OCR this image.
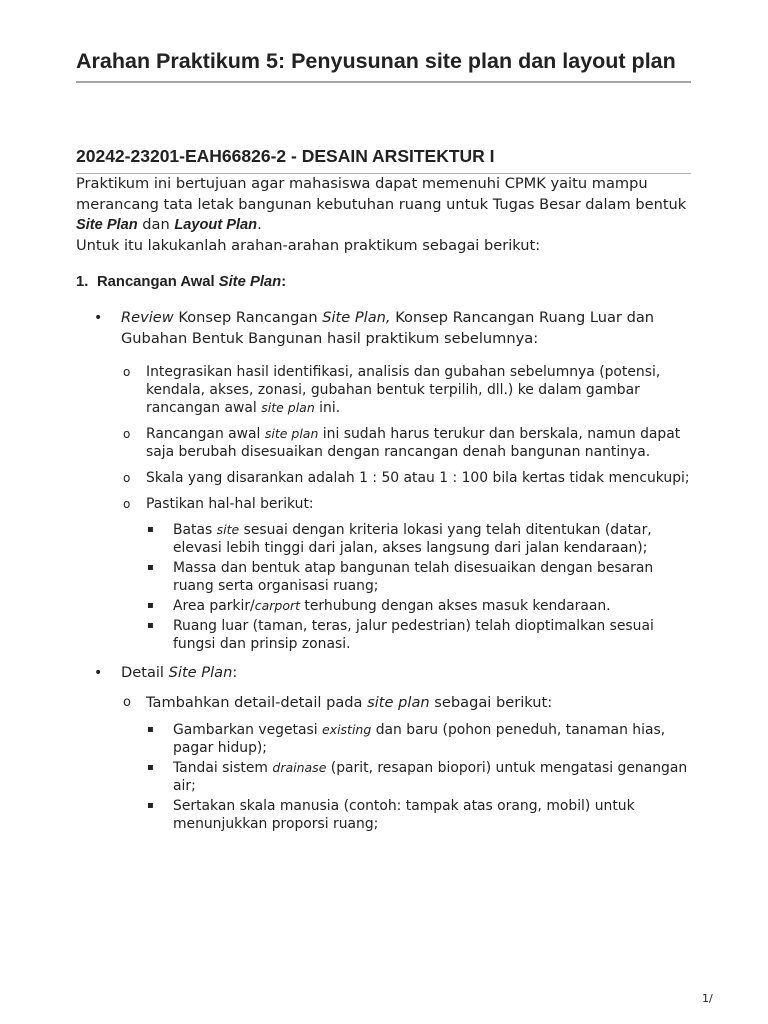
Arahan Praktikum 5: Penyusunan site plan dan layout plan
20242-23201-EAH66826-2 - DESAIN ARSITEKTUR I

Praktikum ini bertujuan agar mahasiswa dapat memenuhi CPMK yaitu mampu merancang tata letak bangunan kebutuhan ruang untuk Tugas Besar dalam bentuk Site Plan dan Layout Plan.

Untuk itu lakukanlah arahan-arahan praktikum sebagai berikut:

1. Rancangan Awal Site Plan:
• Review Konsep Rancangan Site Plan, Konsep Rancangan Ruang Luar dan Gubahan Bentuk Bangunan hasil praktikum sebelumnya:
o Integrasikan hasil identifikasi, analisis dan gubahan sebelumnya (potensi, kendala, akses, zonasi, gubahan bentuk terpilih, dll.) ke dalam gambar rancangan awal site plan ini.
o Rancangan awal site plan ini sudah harus terukur dan berskala, namun dapat saja berubah disesuaikan dengan rancangan denah bangunan nantinya.
o Skala yang disarankan adalah 1 : 50 atau 1 : 100 bila kertas tidak mencukupi;
o Pastikan hal-hal berikut:
▪ Batas site sesuai dengan kriteria lokasi yang telah ditentukan (datar, elevasi lebih tinggi dari jalan, akses langsung dari jalan kendaraan);
▪ Massa dan bentuk atap bangunan telah disesuaikan dengan besaran ruang serta organisasi ruang;
▪ Area parkir/carport terhubung dengan akses masuk kendaraan.
▪ Ruang luar (taman, teras, jalur pedestrian) telah dioptimalkan sesuai fungsi dan prinsip zonasi.
• Detail Site Plan:
o Tambahkan detail-detail pada site plan sebagai berikut:
▪ Gambarkan vegetasi existing dan baru (pohon peneduh, tanaman hias, pagar hidup);
▪ Tandai sistem drainase (parit, resapan biopori) untuk mengatasi genangan air;
▪ Sertakan skala manusia (contoh: tampak atas orang, mobil) untuk menunjukkan proporsi ruang;
1/
